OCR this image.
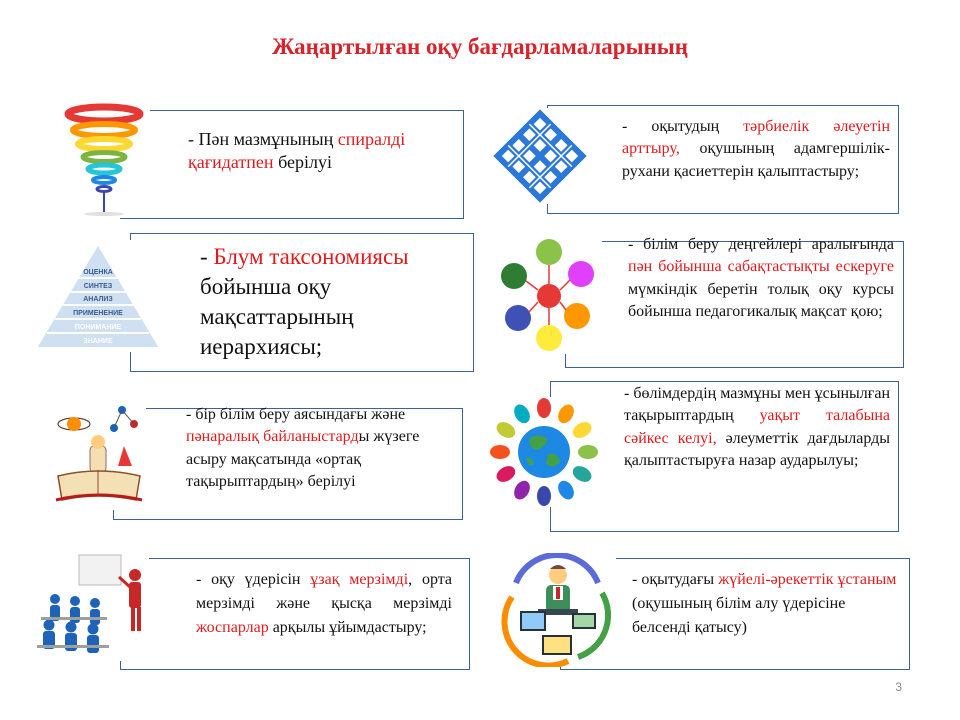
Жаңартылған оқу бағдарламаларының
- Пән мазмұнының спиралді қағидатпен берілуі
- оқытудың тәрбиелік әлеуетін арттыру, оқушының адамгершілік-рухани қасиеттерін қалыптастыру;
ОЦЕНКА
СИНТЕЗ
АНАЛИЗ
ПРИМЕНЕНИЕ
ПОНИМАНИЕ
ЗНАНИЕ
- Блум таксономиясы бойынша оқу мақсаттарының иерархиясы;
- білім беру деңгейлері аралығында пән бойынша сабақтастықты ескеруге мүмкіндік беретін толық оқу курсы бойынша педагогикалық мақсат қою;
- бір білім беру аясындағы және пәнаралық байланыстарды жүзеге асыру мақсатында «ортақ тақырыптардың» берілуі
- бөлімдердің мазмұны мен ұсынылған тақырыптардың уақыт талабына сәйкес келуі, әлеуметтік дағдыларды қалыптастыруға назар аударылуы;
- оқу үдерісін ұзақ мерзімді, орта мерзімді және қысқа мерзімді жоспарлар арқылы ұйымдастыру;
- оқытудағы жүйелі-әрекеттік ұстаным (оқушының білім алу үдерісіне белсенді қатысу)
3
